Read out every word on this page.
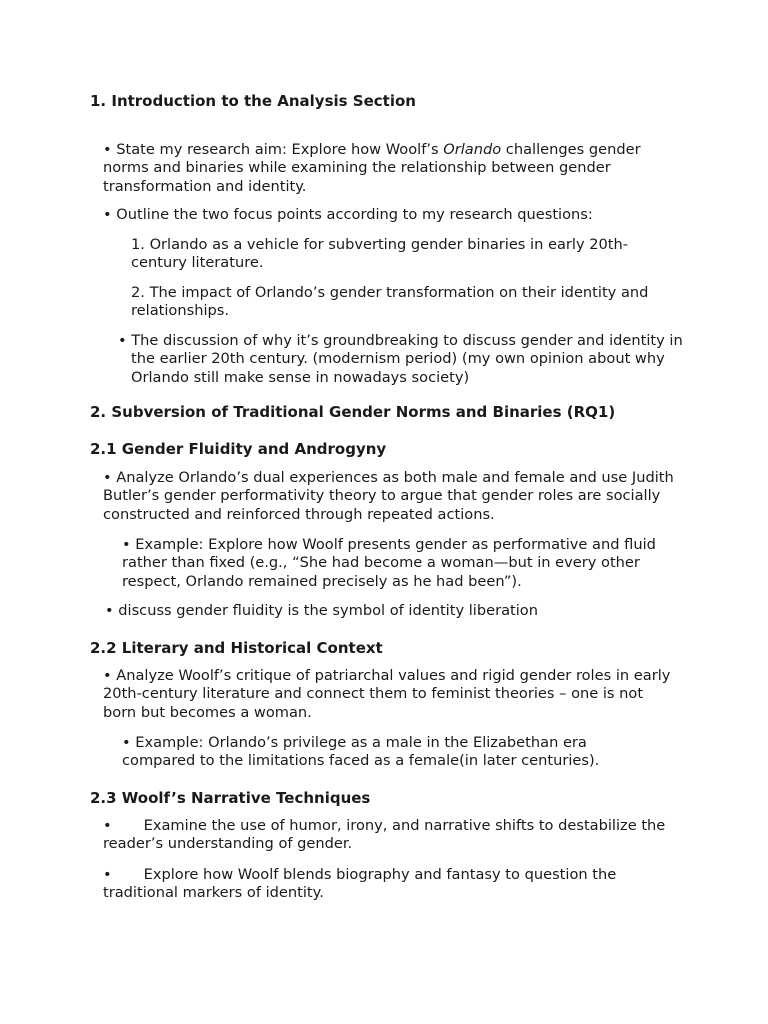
1. Introduction to the Analysis Section

• State my research aim: Explore how Woolf’s Orlando challenges gender norms and binaries while examining the relationship between gender transformation and identity.

• Outline the two focus points according to my research questions:

1. Orlando as a vehicle for subverting gender binaries in early 20th-century literature.

2. The impact of Orlando’s gender transformation on their identity and relationships.

• The discussion of why it’s groundbreaking to discuss gender and identity in the earlier 20th century. (modernism period) (my own opinion about why Orlando still make sense in nowadays society)

2. Subversion of Traditional Gender Norms and Binaries (RQ1)

2.1 Gender Fluidity and Androgyny

• Analyze Orlando’s dual experiences as both male and female and use Judith Butler’s gender performativity theory to argue that gender roles are socially constructed and reinforced through repeated actions.

• Example: Explore how Woolf presents gender as performative and fluid rather than fixed (e.g., “She had become a woman—but in every other respect, Orlando remained precisely as he had been”).

• discuss gender fluidity is the symbol of identity liberation

2.2 Literary and Historical Context

• Analyze Woolf’s critique of patriarchal values and rigid gender roles in early 20th-century literature and connect them to feminist theories – one is not born but becomes a woman.

• Example: Orlando’s privilege as a male in the Elizabethan era compared to the limitations faced as a female(in later centuries).

2.3 Woolf’s Narrative Techniques

• Examine the use of humor, irony, and narrative shifts to destabilize the reader’s understanding of gender.

• Explore how Woolf blends biography and fantasy to question the traditional markers of identity.
